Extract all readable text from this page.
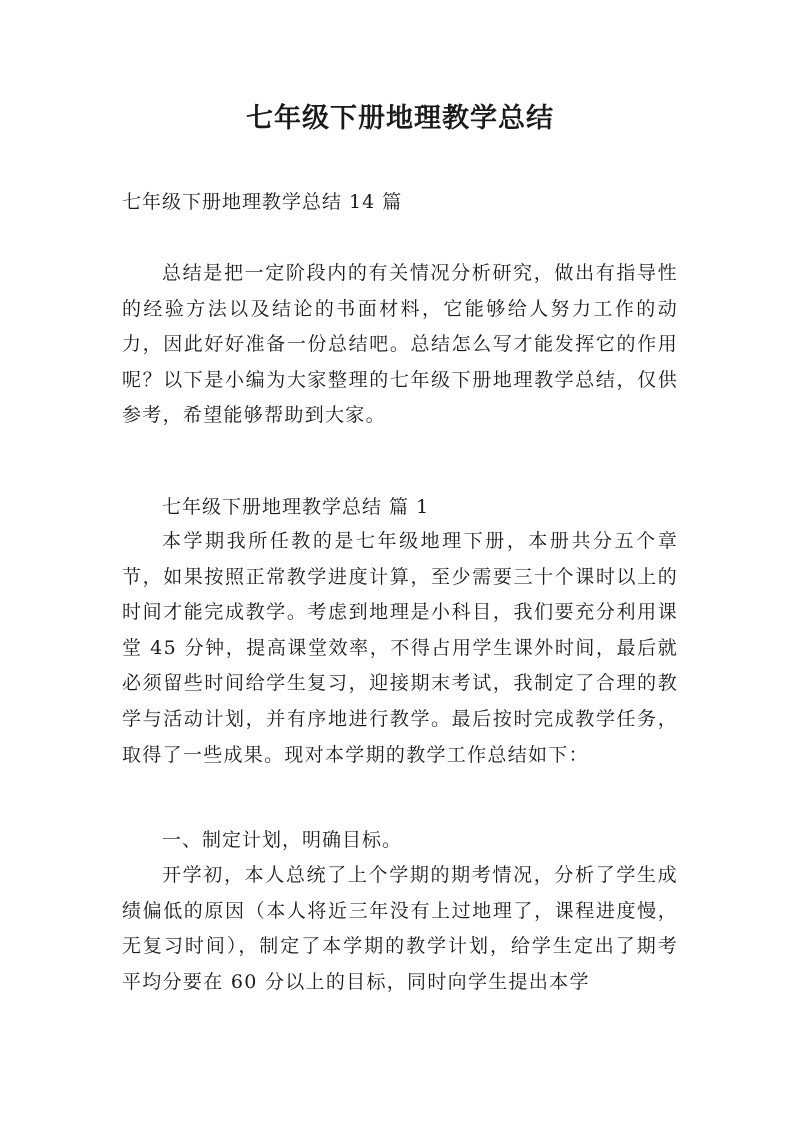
七年级下册地理教学总结

七年级下册地理教学总结 14 篇

总结是把一定阶段内的有关情况分析研究，做出有指导性的经验方法以及结论的书面材料，它能够给人努力工作的动力，因此好好准备一份总结吧。总结怎么写才能发挥它的作用呢？以下是小编为大家整理的七年级下册地理教学总结，仅供参考，希望能够帮助到大家。

七年级下册地理教学总结 篇 1

本学期我所任教的是七年级地理下册，本册共分五个章节，如果按照正常教学进度计算，至少需要三十个课时以上的时间才能完成教学。考虑到地理是小科目，我们要充分利用课堂 45 分钟，提高课堂效率，不得占用学生课外时间，最后就必须留些时间给学生复习，迎接期末考试，我制定了合理的教学与活动计划，并有序地进行教学。最后按时完成教学任务，取得了一些成果。现对本学期的教学工作总结如下：

一、制定计划，明确目标。

开学初，本人总统了上个学期的期考情况，分析了学生成绩偏低的原因（本人将近三年没有上过地理了，课程进度慢，无复习时间），制定了本学期的教学计划，给学生定出了期考平均分要在 60 分以上的目标，同时向学生提出本学
